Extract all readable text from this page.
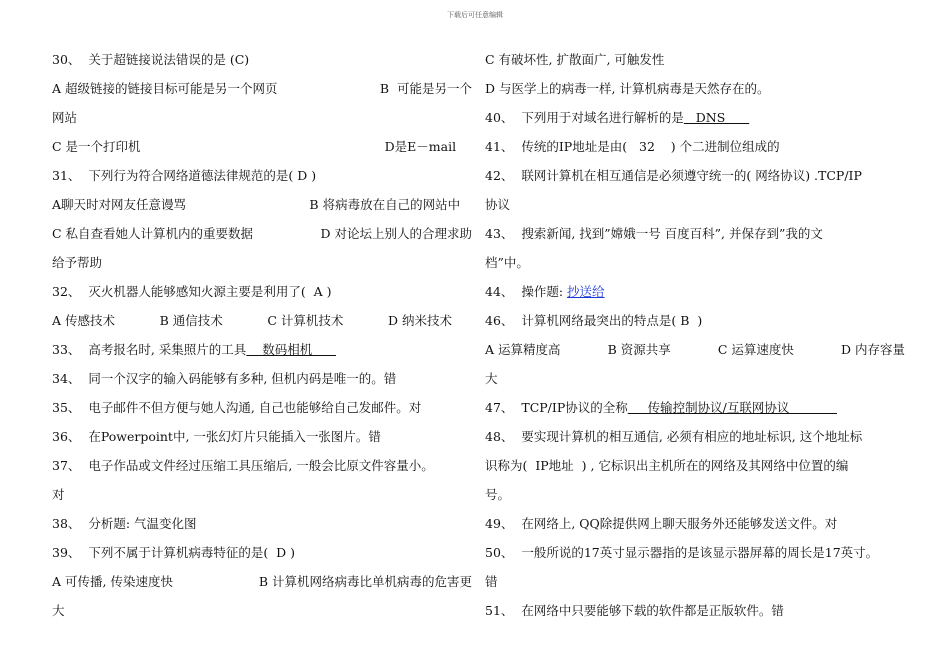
下载后可任意编辑
30、  关于超链接说法错误的是 (C)
A 超级链接的链接目标可能是另一个网页	B  可能是另一个
网站
C 是一个打印机	D是E－mail
31、  下列行为符合网络道德法律规范的是( D )
A聊天时对网友任意谩骂	B 将病毒放在自己的网站中
C 私自查看她人计算机内的重要数据	D 对论坛上别人的合理求助
给予帮助
32、  灭火机器人能够感知火源主要是利用了(  A )
A 传感技术	B 通信技术	C 计算机技术	D 纳米技术
33、  高考报名时, 采集照片的工具 数码相机
34、  同一个汉字的输入码能够有多种, 但机内码是唯一的。错
35、  电子邮件不但方便与她人沟通, 自己也能够给自己发邮件。对
36、  在Powerpoint中, 一张幻灯片只能插入一张图片。错
37、  电子作品或文件经过压缩工具压缩后, 一般会比原文件容量小。
对
38、  分析题: 气温变化图
39、  下列不属于计算机病毒特征的是(  D )
A 可传播, 传染速度快	B 计算机网络病毒比单机病毒的危害更
大
C 有破坏性, 扩散面广, 可触发性
D 与医学上的病毒一样, 计算机病毒是天然存在的。
40、  下列用于对域名进行解析的是 DNS
41、  传统的IP地址是由(   32    ) 个二进制位组成的
42、  联网计算机在相互通信是必须遵守统一的( 网络协议) .TCP/IP
协议
43、  搜索新闻, 找到”嫦娥一号 百度百科”, 并保存到”我的文
档”中。
44、  操作题: 抄送给
46、  计算机网络最突出的特点是( B  )
A 运算精度高	B 资源共享	C 运算速度快	D 内存容量
大
47、  TCP/IP协议的全称 传输控制协议/互联网协议
48、  要实现计算机的相互通信, 必须有相应的地址标识, 这个地址标
识称为(  IP地址  ) , 它标识出主机所在的网络及其网络中位置的编
号。
49、  在网络上, QQ除提供网上聊天服务外还能够发送文件。对
50、  一般所说的17英寸显示器指的是该显示器屏幕的周长是17英寸。
错
51、  在网络中只要能够下载的软件都是正版软件。错
